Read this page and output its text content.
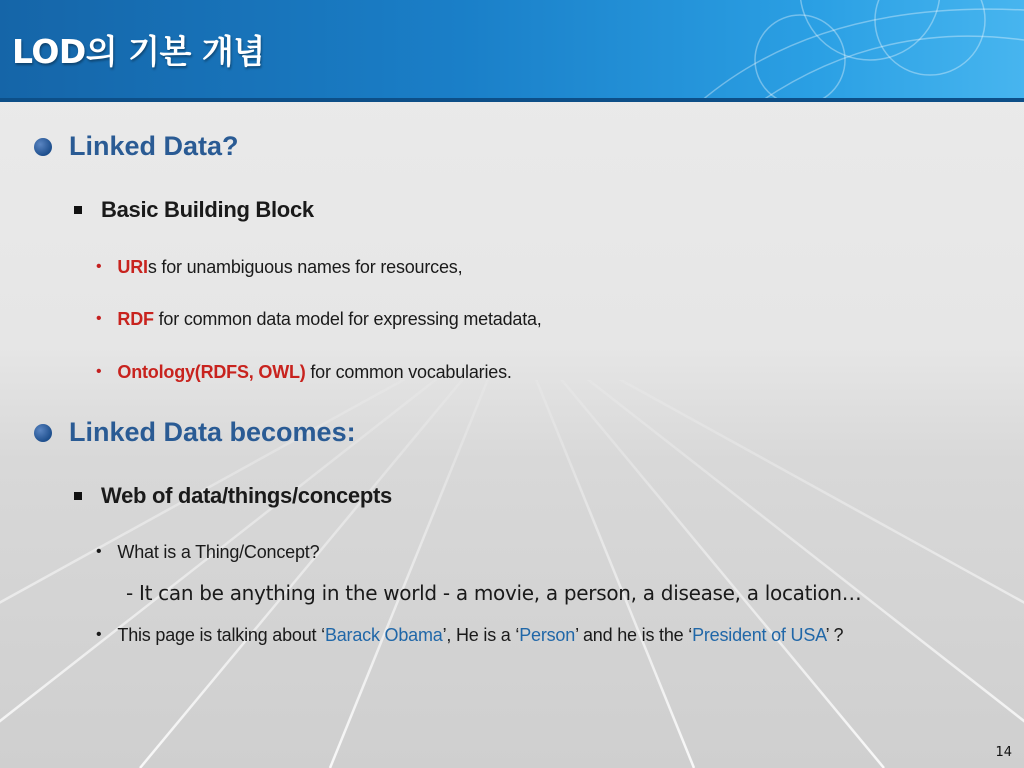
LOD의 기본 개념
Linked Data?
Basic Building Block
• URIs for unambiguous names for resources,
• RDF for common data model for expressing metadata,
• Ontology(RDFS, OWL) for common vocabularies.
Linked Data becomes:
Web of data/things/concepts
• What is a Thing/Concept?
- It can be anything in the world - a movie, a person, a disease, a location…
• This page is talking about ‘Barack Obama’, He is a ‘Person’ and he is the ‘President of USA’ ?
14
